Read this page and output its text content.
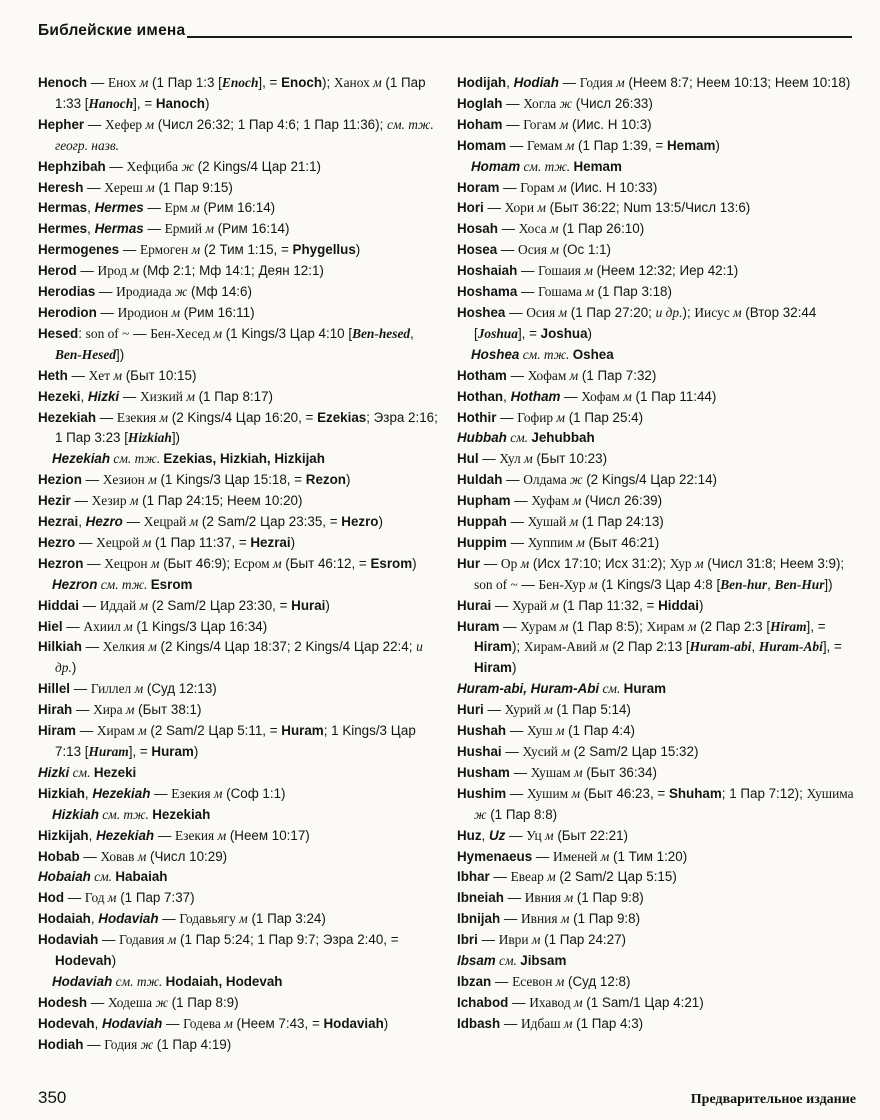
Библейские имена

Henoch — Енох м (1 Пар 1:3 [Enoch], = Enoch); Ханох м (1 Пар 1:33 [Hanoch], = Hanoch)

Hepher — Хефер м (Числ 26:32; 1 Пар 4:6; 1 Пар 11:36); см. тж. геогр. назв.

Hephzibah — Хефциба ж (2 Kings/4 Цар 21:1)

Heresh — Хереш м (1 Пар 9:15)

Hermas, Hermes — Ерм м (Рим 16:14)

Hermes, Hermas — Ермий м (Рим 16:14)

Hermogenes — Ермоген м (2 Тим 1:15, = Phygellus)

Herod — Ирод м (Мф 2:1; Мф 14:1; Деян 12:1)

Herodias — Иродиада ж (Мф 14:6)

Herodion — Иродион м (Рим 16:11)

Hesed: son of ~ — Бен-Хесед м (1 Kings/3 Цар 4:10 [Ben-hesed, Ben-Hesed])

Heth — Хет м (Быт 10:15)

Hezeki, Hizki — Хизкий м (1 Пар 8:17)

Hezekiah — Езекия м (2 Kings/4 Цар 16:20, = Ezekias; Эзра 2:16; 1 Пар 3:23 [Hizkiah])

Hezekiah см. тж. Ezekias, Hizkiah, Hizkijah

Hezion — Хезион м (1 Kings/3 Цар 15:18, = Rezon)

Hezir — Хезир м (1 Пар 24:15; Неем 10:20)

Hezrai, Hezro — Хецрай м (2 Sam/2 Цар 23:35, = Hezro)

Hezro — Хецрой м (1 Пар 11:37, = Hezrai)

Hezron — Хецрон м (Быт 46:9); Есром м (Быт 46:12, = Esrom)

Hezron см. тж. Esrom

Hiddai — Иддай м (2 Sam/2 Цар 23:30, = Hurai)

Hiel — Ахиил м (1 Kings/3 Цар 16:34)

Hilkiah — Хелкия м (2 Kings/4 Цар 18:37; 2 Kings/4 Цар 22:4; и др.)

Hillel — Гиллел м (Суд 12:13)

Hirah — Хира м (Быт 38:1)

Hiram — Хирам м (2 Sam/2 Цар 5:11, = Huram; 1 Kings/3 Цар 7:13 [Huram], = Huram)

Hizki см. Hezeki

Hizkiah, Hezekiah — Езекия м (Соф 1:1)

Hizkiah см. тж. Hezekiah

Hizkijah, Hezekiah — Езекия м (Неем 10:17)

Hobab — Ховав м (Числ 10:29)

Hobaiah см. Habaiah

Hod — Год м (1 Пар 7:37)

Hodaiah, Hodaviah — Годавьягу м (1 Пар 3:24)

Hodaviah — Годавия м (1 Пар 5:24; 1 Пар 9:7; Эзра 2:40, = Hodevah)

Hodaviah см. тж. Hodaiah, Hodevah

Hodesh — Ходеша ж (1 Пар 8:9)

Hodevah, Hodaviah — Годева м (Неем 7:43, = Hodaviah)

Hodiah — Годия ж (1 Пар 4:19)

Hodijah, Hodiah — Годия м (Неем 8:7; Неем 10:13; Неем 10:18)

Hoglah — Хогла ж (Числ 26:33)

Hoham — Гогам м (Иис. Н 10:3)

Homam — Гемам м (1 Пар 1:39, = Hemam)

Homam см. тж. Hemam

Horam — Горам м (Иис. Н 10:33)

Hori — Хори м (Быт 36:22; Num 13:5/Числ 13:6)

Hosah — Хоса м (1 Пар 26:10)

Hosea — Осия м (Ос 1:1)

Hoshaiah — Гошаия м (Неем 12:32; Иер 42:1)

Hoshama — Гошама м (1 Пар 3:18)

Hoshea — Осия м (1 Пар 27:20; и др.); Иисус м (Втор 32:44 [Joshua], = Joshua)

Hoshea см. тж. Oshea

Hotham — Хофам м (1 Пар 7:32)

Hothan, Hotham — Хофам м (1 Пар 11:44)

Hothir — Гофир м (1 Пар 25:4)

Hubbah см. Jehubbah

Hul — Хул м (Быт 10:23)

Huldah — Олдама ж (2 Kings/4 Цар 22:14)

Hupham — Хуфам м (Числ 26:39)

Huppah — Хушай м (1 Пар 24:13)

Huppim — Хуппим м (Быт 46:21)

Hur — Ор м (Исх 17:10; Исх 31:2); Хур м (Числ 31:8; Неем 3:9); son of ~ — Бен-Хур м (1 Kings/3 Цар 4:8 [Ben-hur, Ben-Hur])

Hurai — Хурай м (1 Пар 11:32, = Hiddai)

Huram — Хурам м (1 Пар 8:5); Хирам м (2 Пар 2:3 [Hiram], = Hiram); Хирам-Авий м (2 Пар 2:13 [Huram-abi, Huram-Abi], = Hiram)

Huram-abi, Huram-Abi см. Huram

Huri — Хурий м (1 Пар 5:14)

Hushah — Хуш м (1 Пар 4:4)

Hushai — Хусий м (2 Sam/2 Цар 15:32)

Husham — Хушам м (Быт 36:34)

Hushim — Хушим м (Быт 46:23, = Shuham; 1 Пар 7:12); Хушима ж (1 Пар 8:8)

Huz, Uz — Уц м (Быт 22:21)

Hymenaeus — Именей м (1 Тим 1:20)

Ibhar — Евеар м (2 Sam/2 Цар 5:15)

Ibneiah — Ивния м (1 Пар 9:8)

Ibnijah — Ивния м (1 Пар 9:8)

Ibri — Иври м (1 Пар 24:27)

Ibsam см. Jibsam

Ibzan — Есевон м (Суд 12:8)

Ichabod — Ихавод м (1 Sam/1 Цар 4:21)

Idbash — Идбаш м (1 Пар 4:3)

350	Предварительное издание
